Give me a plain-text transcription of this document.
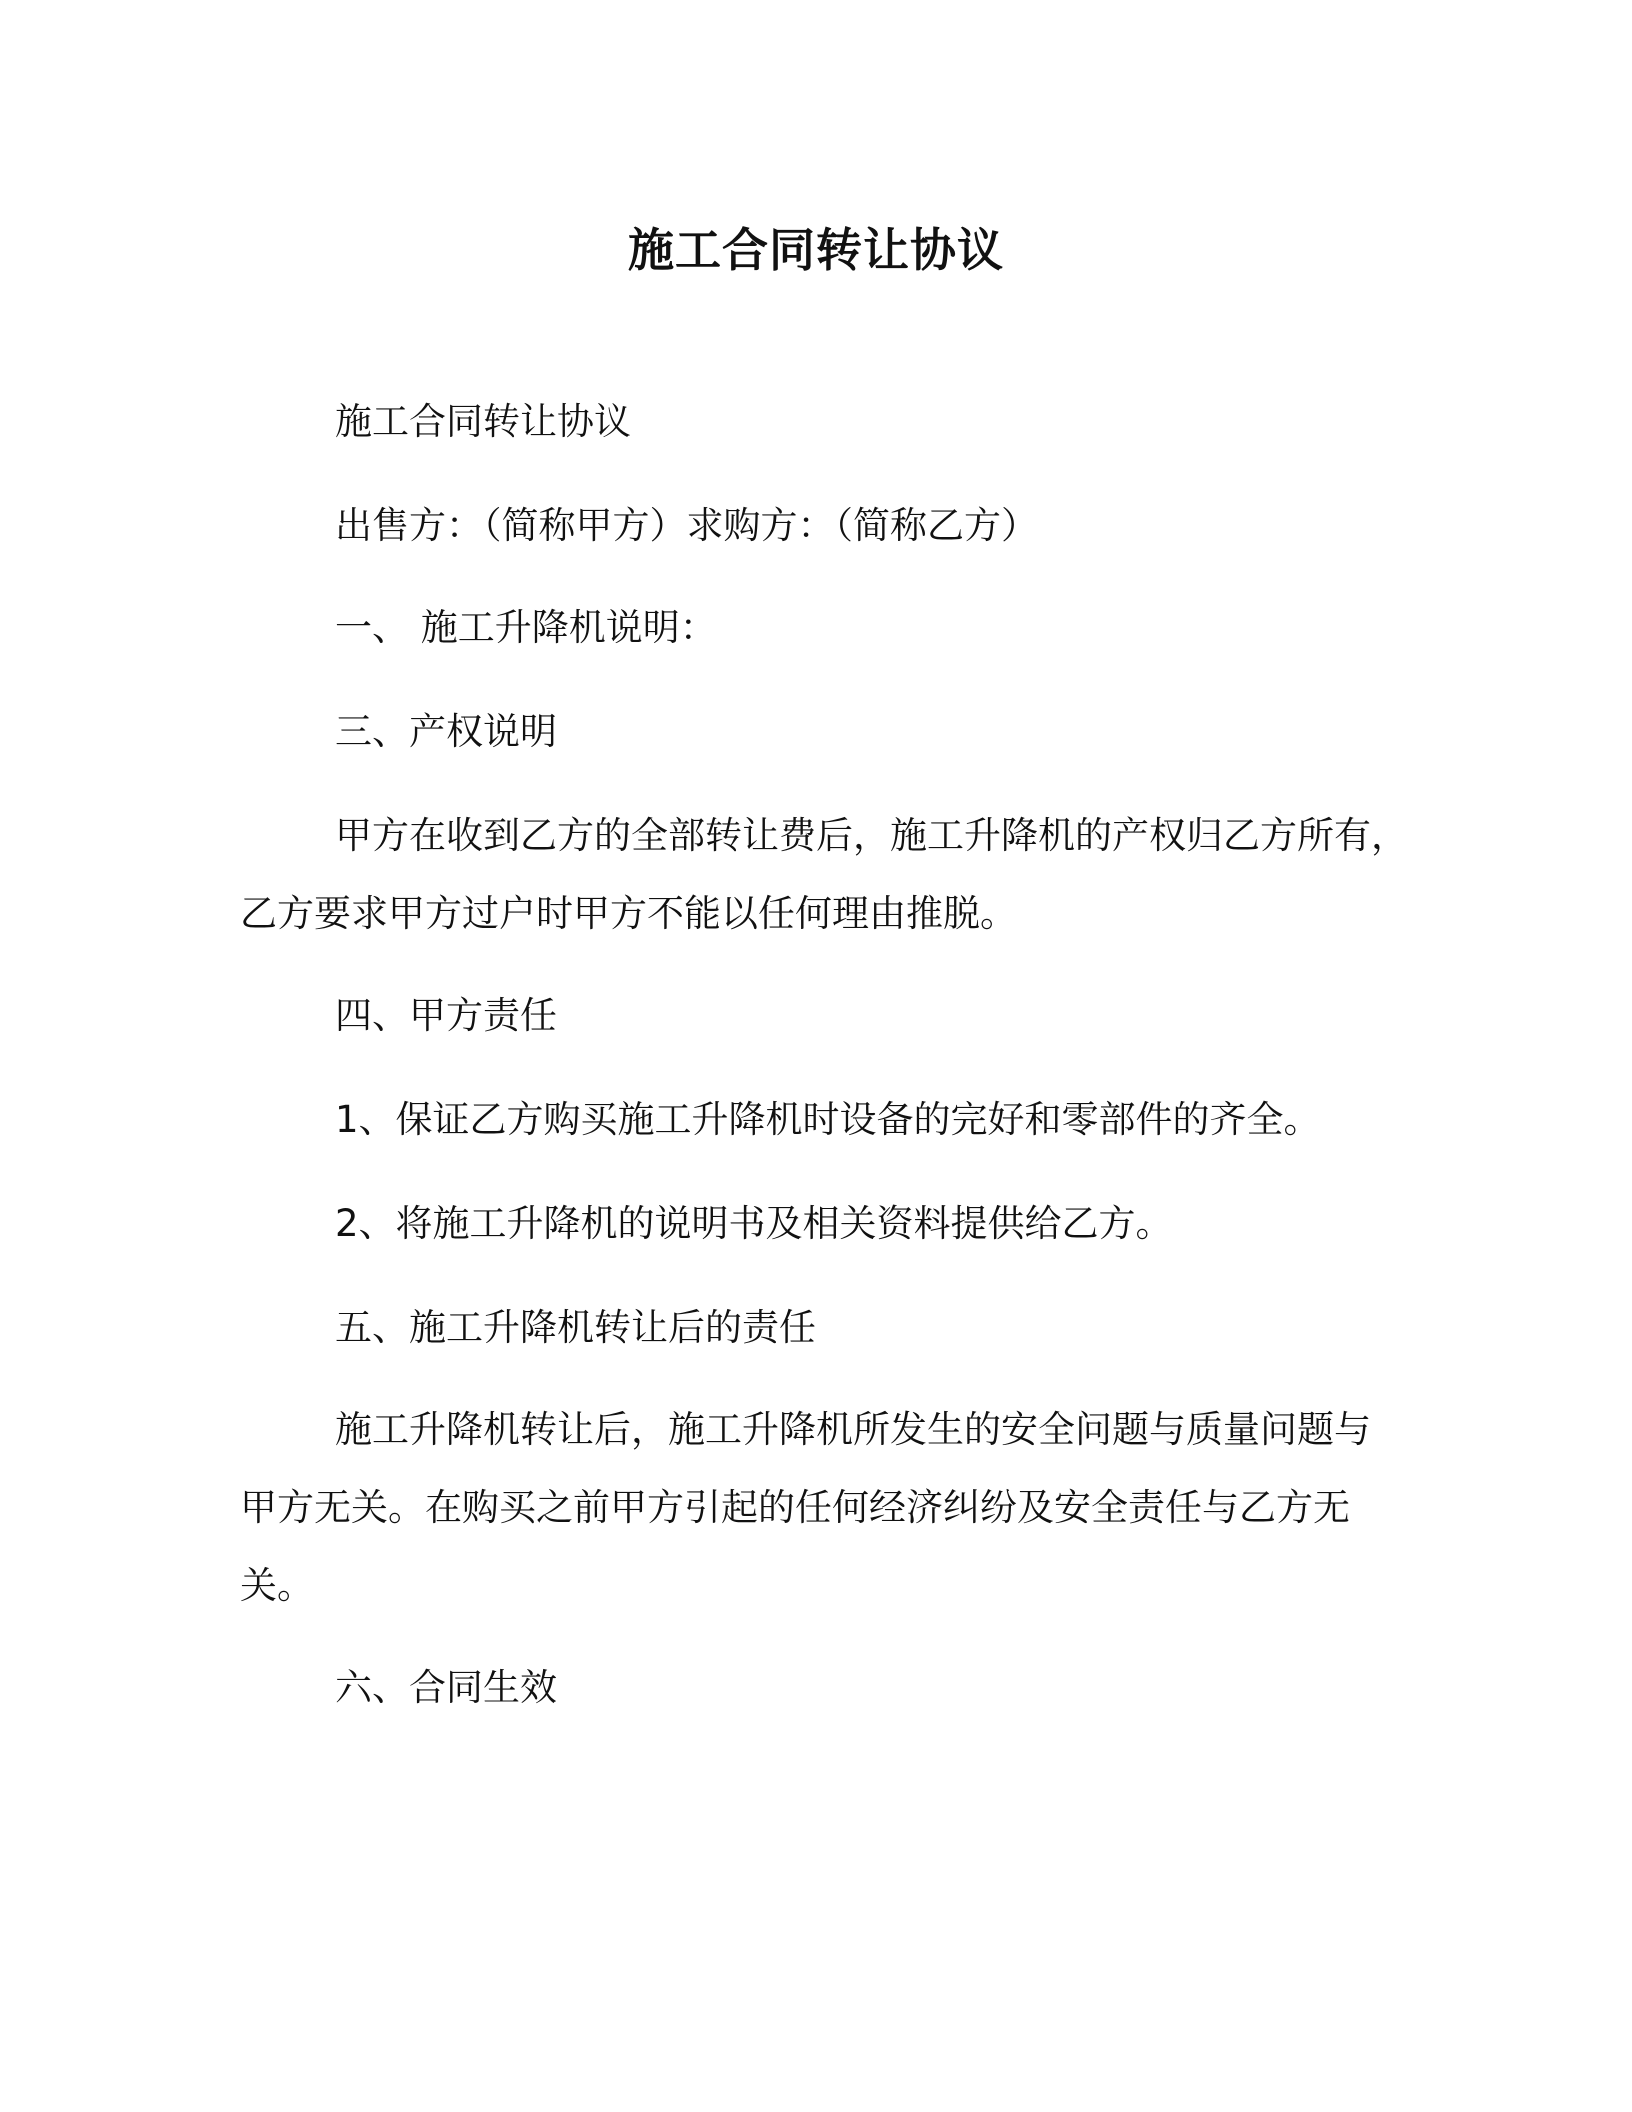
施工合同转让协议
施工合同转让协议
出售方：（简称甲方）求购方：（简称乙方）
一、 施工升降机说明：
三、产权说明
甲方在收到乙方的全部转让费后，施工升降机的产权归乙方所有，
乙方要求甲方过户时甲方不能以任何理由推脱。
四、甲方责任
1、保证乙方购买施工升降机时设备的完好和零部件的齐全。
2、将施工升降机的说明书及相关资料提供给乙方。
五、施工升降机转让后的责任
施工升降机转让后，施工升降机所发生的安全问题与质量问题与
甲方无关。在购买之前甲方引起的任何经济纠纷及安全责任与乙方无
关。
六、合同生效
